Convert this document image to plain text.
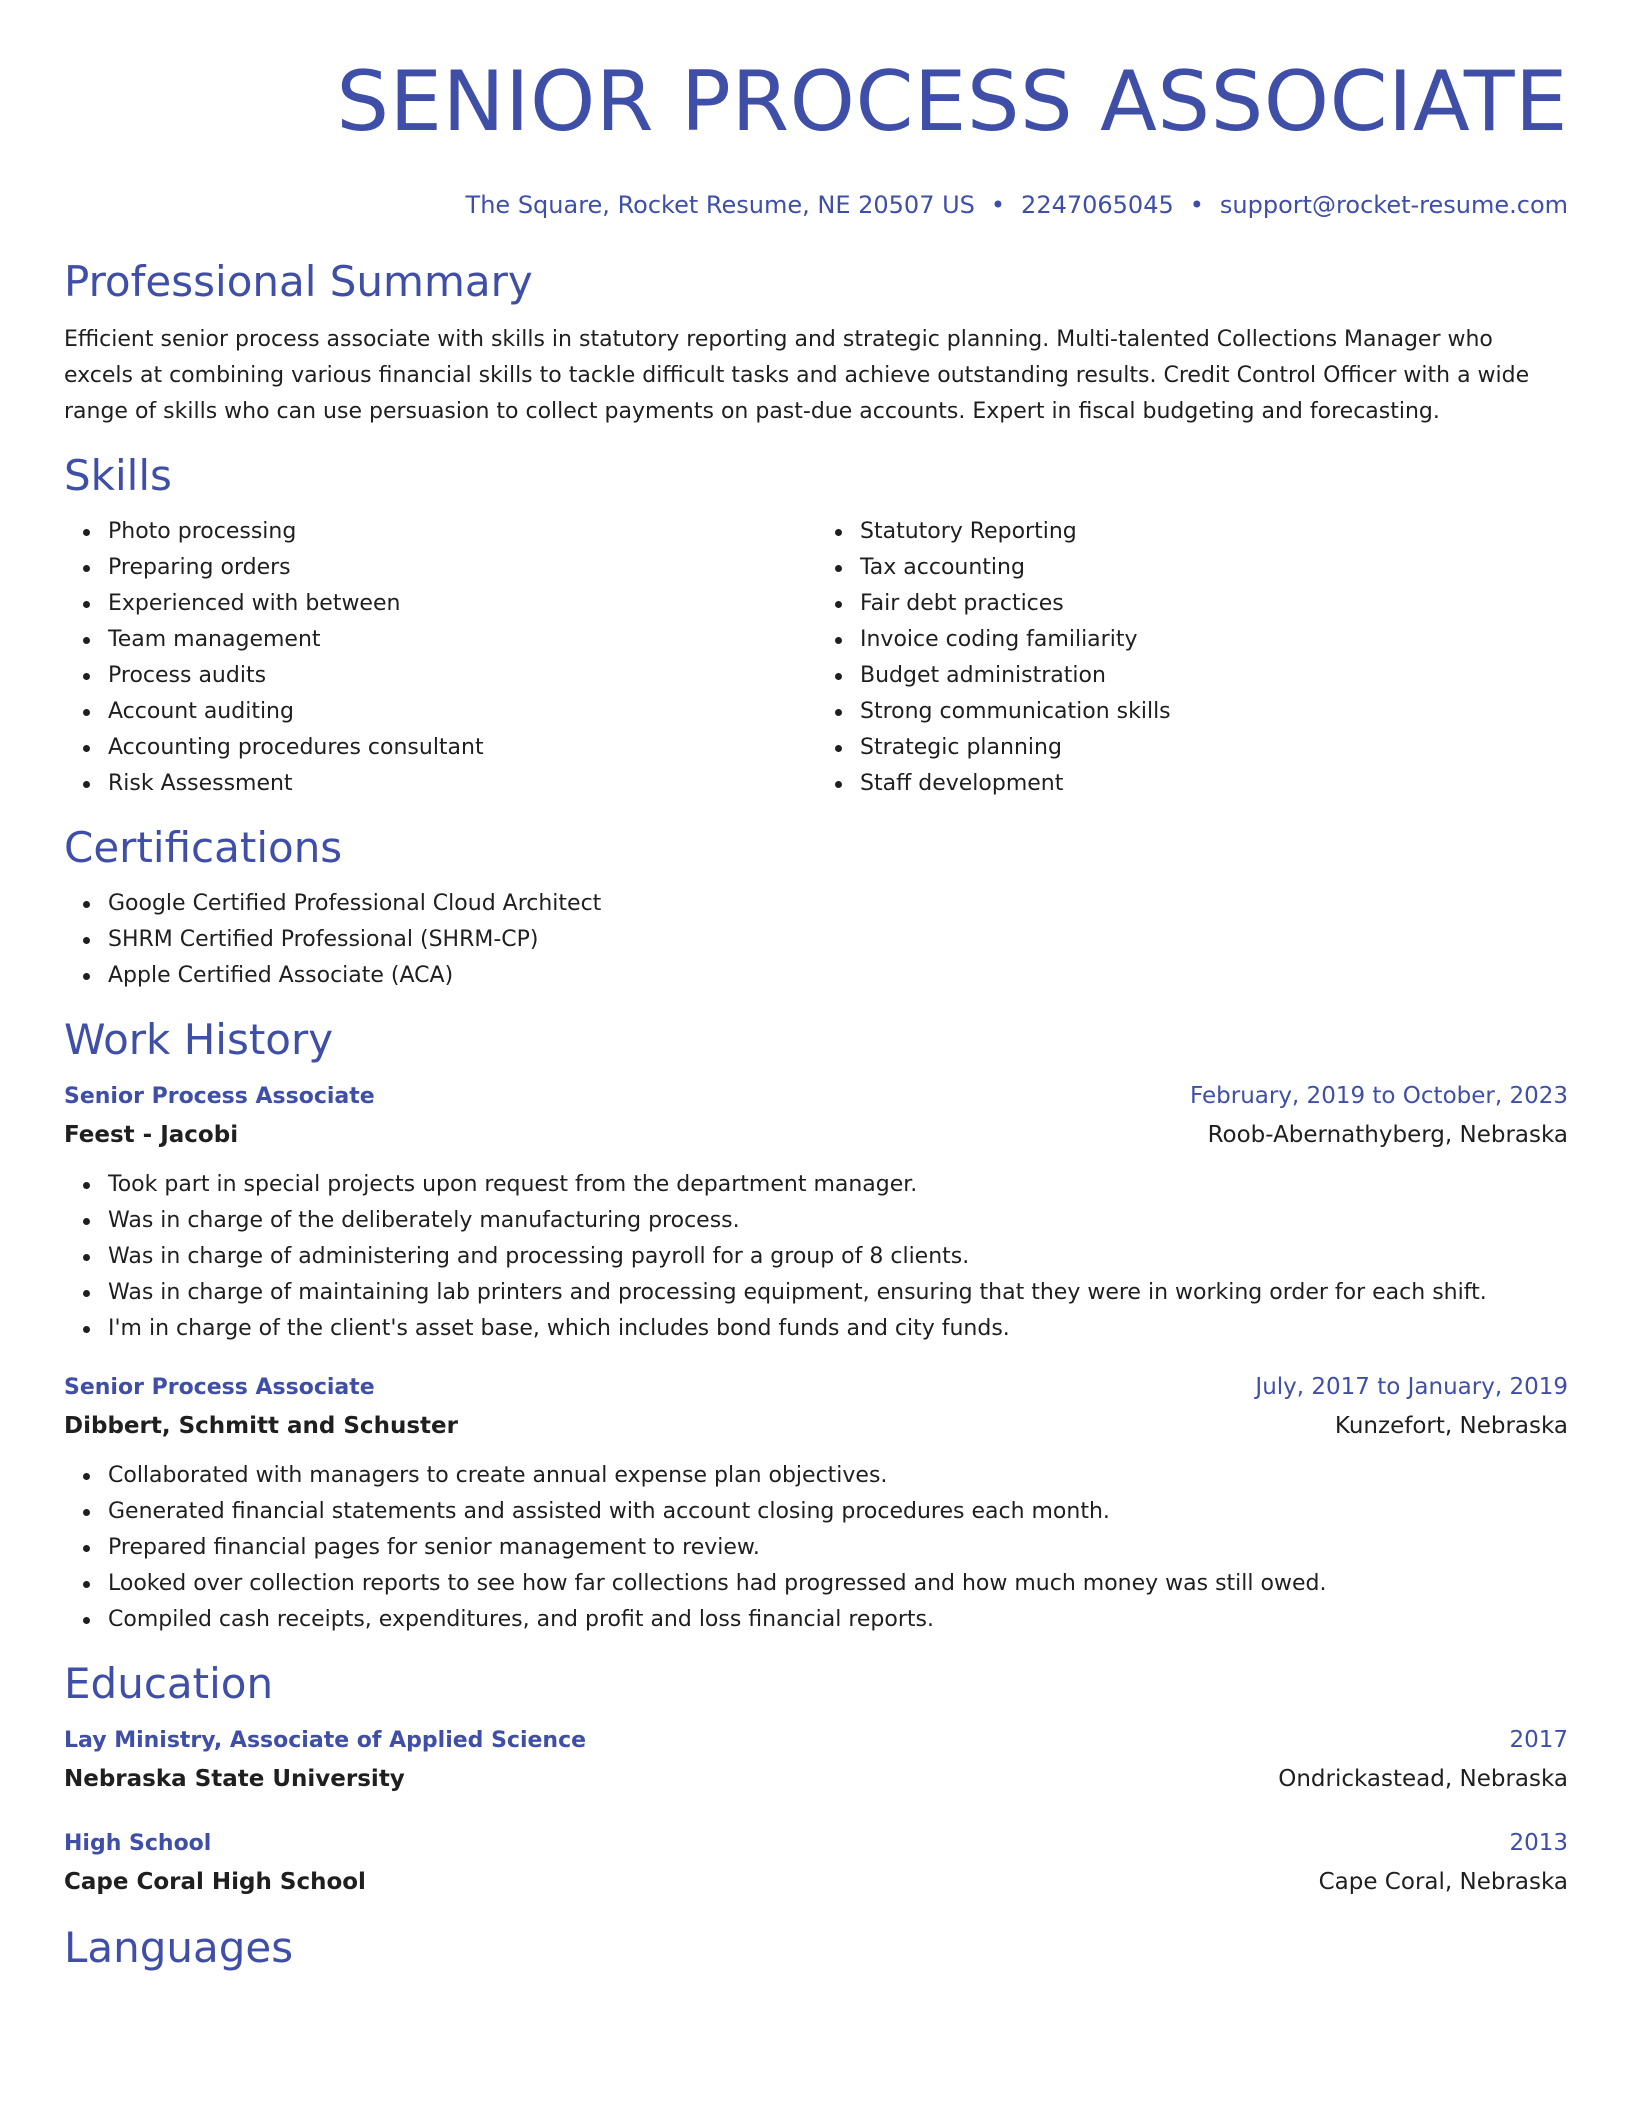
SENIOR PROCESS ASSOCIATE
The Square, Rocket Resume, NE 20507 US • 2247065045 • support@rocket-resume.com
Professional Summary
Efficient senior process associate with skills in statutory reporting and strategic planning. Multi-talented Collections Manager who excels at combining various financial skills to tackle difficult tasks and achieve outstanding results. Credit Control Officer with a wide range of skills who can use persuasion to collect payments on past-due accounts. Expert in fiscal budgeting and forecasting.
Skills
Photo processing
Preparing orders
Experienced with between
Team management
Process audits
Account auditing
Accounting procedures consultant
Risk Assessment
Statutory Reporting
Tax accounting
Fair debt practices
Invoice coding familiarity
Budget administration
Strong communication skills
Strategic planning
Staff development
Certifications
Google Certified Professional Cloud Architect
SHRM Certified Professional (SHRM-CP)
Apple Certified Associate (ACA)
Work History
Senior Process Associate	February, 2019 to October, 2023
Feest - Jacobi	Roob-Abernathyberg, Nebraska
Took part in special projects upon request from the department manager.
Was in charge of the deliberately manufacturing process.
Was in charge of administering and processing payroll for a group of 8 clients.
Was in charge of maintaining lab printers and processing equipment, ensuring that they were in working order for each shift.
I'm in charge of the client's asset base, which includes bond funds and city funds.
Senior Process Associate	July, 2017 to January, 2019
Dibbert, Schmitt and Schuster	Kunzefort, Nebraska
Collaborated with managers to create annual expense plan objectives.
Generated financial statements and assisted with account closing procedures each month.
Prepared financial pages for senior management to review.
Looked over collection reports to see how far collections had progressed and how much money was still owed.
Compiled cash receipts, expenditures, and profit and loss financial reports.
Education
Lay Ministry, Associate of Applied Science	2017
Nebraska State University	Ondrickastead, Nebraska
High School	2013
Cape Coral High School	Cape Coral, Nebraska
Languages
